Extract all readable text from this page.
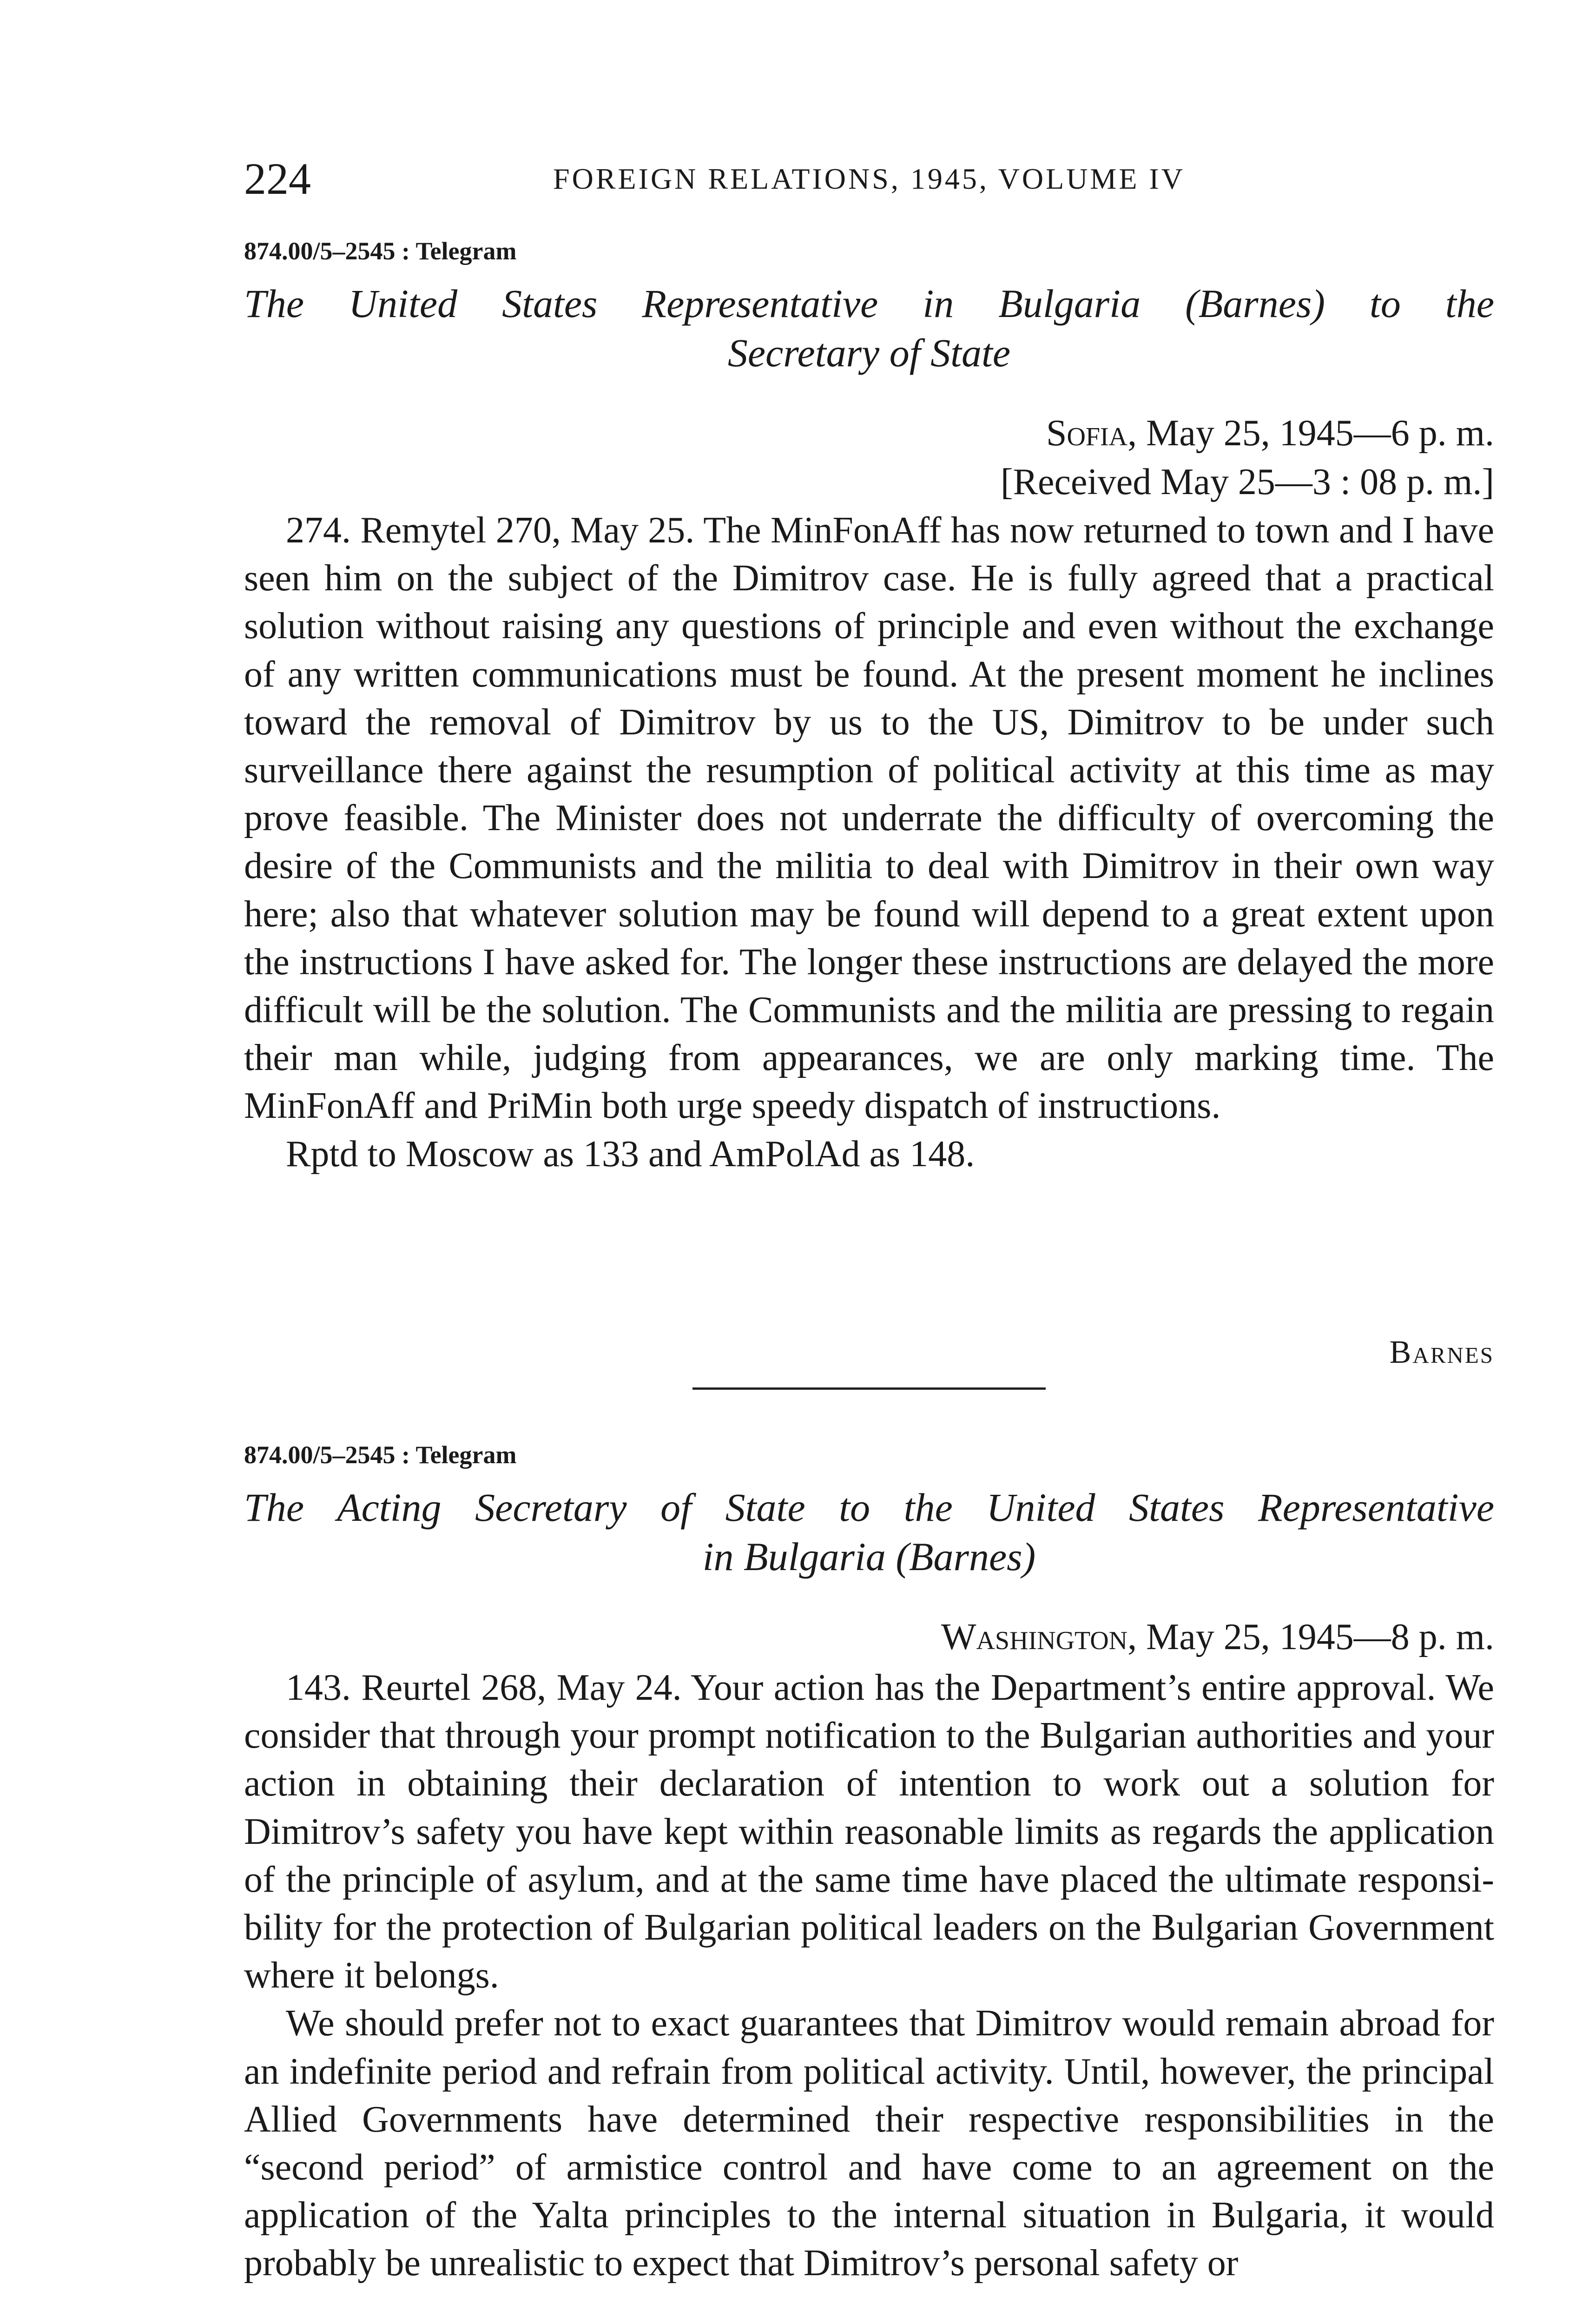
224	FOREIGN RELATIONS, 1945, VOLUME IV
874.00/5–2545 : Telegram
The United States Representative in Bulgaria (Barnes) to the
Secretary of State
Sofia, May 25, 1945—6 p. m.
[Received May 25—3 : 08 p. m.]

274. Remytel 270, May 25. The MinFonAff has now returned to town and I have seen him on the subject of the Dimitrov case. He is fully agreed that a practical solution without raising any questions of principle and even without the exchange of any written communications must be found. At the present moment he inclines toward the removal of Dimitrov by us to the US, Dimitrov to be under such surveillance there against the resumption of political activity at this time as may prove feasible. The Minister does not underrate the difficulty of overcoming the desire of the Communists and the militia to deal with Dimitrov in their own way here; also that whatever solution may be found will depend to a great extent upon the instructions I have asked for. The longer these instructions are delayed the more difficult will be the solution. The Communists and the militia are pressing to regain their man while, judging from appearances, we are only marking time. The MinFonAff and PriMin both urge speedy dispatch of instructions.

Rptd to Moscow as 133 and AmPolAd as 148.

Barnes
874.00/5–2545 : Telegram
The Acting Secretary of State to the United States Representative
in Bulgaria (Barnes)
Washington, May 25, 1945—8 p. m.

143. Reurtel 268, May 24. Your action has the Department’s entire approval. We consider that through your prompt notification to the Bulgarian authorities and your action in obtaining their declaration of intention to work out a solution for Dimitrov’s safety you have kept within reasonable limits as regards the application of the principle of asylum, and at the same time have placed the ultimate responsibility for the protection of Bulgarian political leaders on the Bulgarian Government where it belongs.

We should prefer not to exact guarantees that Dimitrov would remain abroad for an indefinite period and refrain from political activity. Until, however, the principal Allied Governments have determined their respective responsibilities in the “second period” of armistice control and have come to an agreement on the application of the Yalta principles to the internal situation in Bulgaria, it would probably be unrealistic to expect that Dimitrov’s personal safety or
